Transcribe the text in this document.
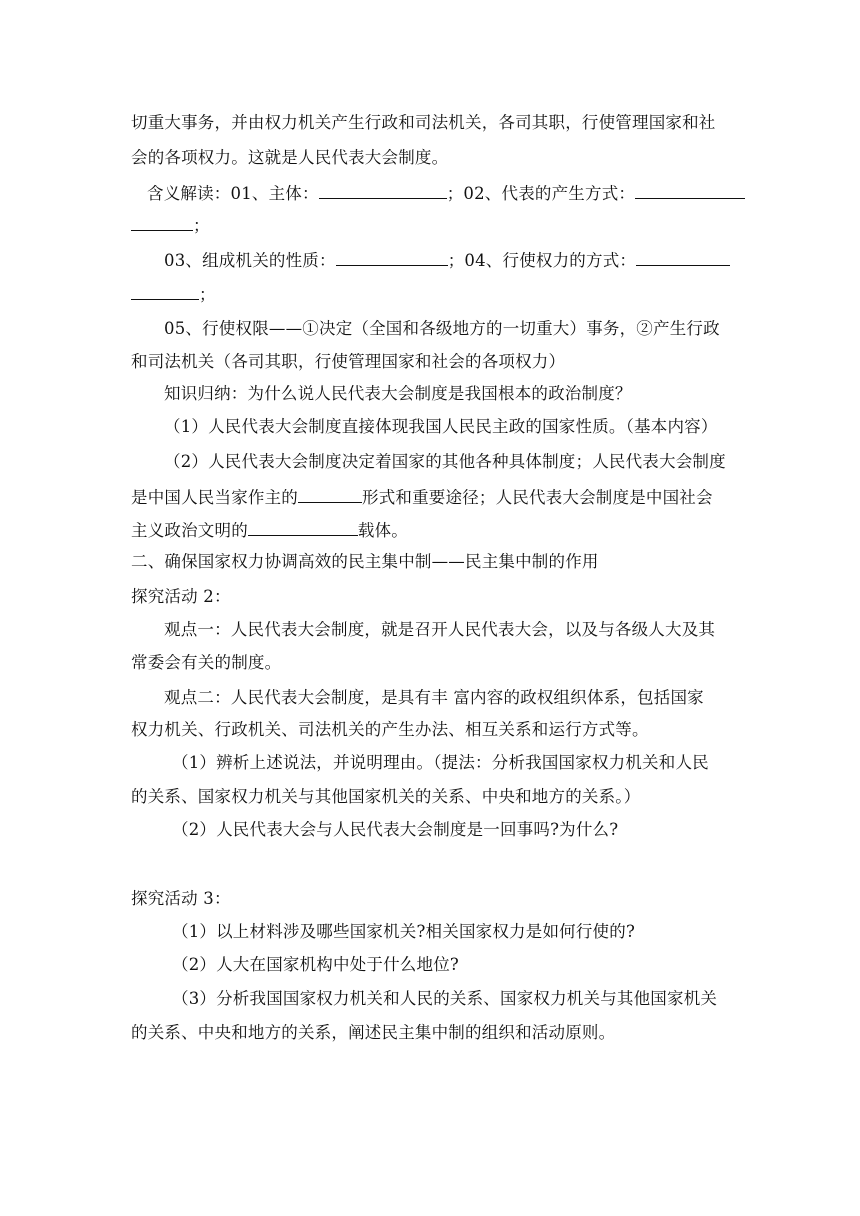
切重大事务，并由权力机关产生行政和司法机关，各司其职，行使管理国家和社
会的各项权力。这就是人民代表大会制度。
含义解读：01、主体：	；02、代表的产生方式：
；
03、组成机关的性质：	；04、行使权力的方式：
；
05、行使权限——①决定（全国和各级地方的一切重大）事务，②产生行政
和司法机关（各司其职，行使管理国家和社会的各项权力）
知识归纳：为什么说人民代表大会制度是我国根本的政治制度？
（1）人民代表大会制度直接体现我国人民民主政的国家性质。（基本内容）
（2）人民代表大会制度决定着国家的其他各种具体制度；人民代表大会制度
是中国人民当家作主的	形式和重要途径；人民代表大会制度是中国社会
主义政治文明的	载体。
二、确保国家权力协调高效的民主集中制——民主集中制的作用
探究活动 2：
观点一：人民代表大会制度，就是召开人民代表大会，以及与各级人大及其
常委会有关的制度。
观点二：人民代表大会制度，是具有丰 富内容的政权组织体系，包括国家
权力机关、行政机关、司法机关的产生办法、相互关系和运行方式等。
（1）辨析上述说法，并说明理由。（提法：分析我国国家权力机关和人民
的关系、国家权力机关与其他国家机关的关系、中央和地方的关系。）
（2）人民代表大会与人民代表大会制度是一回事吗?为什么?
探究活动 3：
（1）以上材料涉及哪些国家机关?相关国家权力是如何行使的?
（2）人大在国家机构中处于什么地位?
（3）分析我国国家权力机关和人民的关系、国家权力机关与其他国家机关
的关系、中央和地方的关系，阐述民主集中制的组织和活动原则。
